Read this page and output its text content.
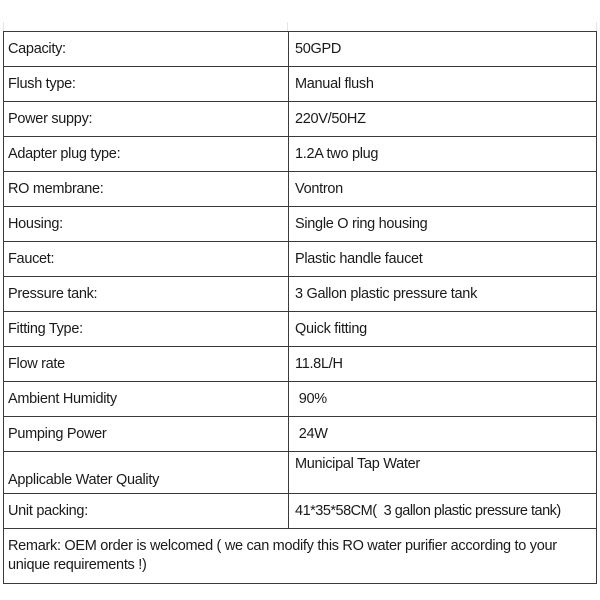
Capacity:	50GPD
Flush type:	Manual flush
Power suppy:	220V/50HZ
Adapter plug type:	1.2A two plug
RO membrane:	Vontron
Housing:	Single O ring housing
Faucet:	Plastic handle faucet
Pressure tank:	3 Gallon plastic pressure tank
Fitting Type:	Quick fitting
Flow rate	11.8L/H
Ambient Humidity	90%
Pumping Power	24W
Applicable Water Quality	Municipal Tap Water
Unit packing:	41*35*58CM(  3 gallon plastic pressure tank)
Remark: OEM order is welcomed ( we can modify this RO water purifier according to your unique requirements !)	
